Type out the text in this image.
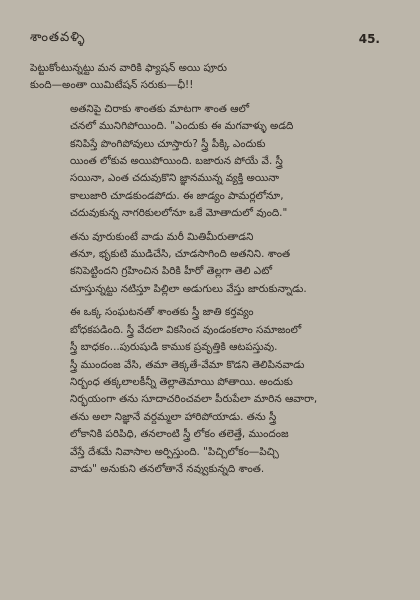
శాంతవళ్ళి	45.

పెట్టుకోంటున్నట్టు మన వారికి ఫ్యాషన్ అయి పూరు
కుంది—అంతా యిమిటేషన్ సరుకు—ఛీ!!

అతనిపై చిరాకు శాంతకు మాటగా శాంత ఆలో
చనలో మునిగిపోయింది. "ఎందుకు ఈ మగవాళ్ళు అడది
కనిపిస్తే పొంగిపోవులు చూస్తారు? స్త్రీ పీక్కి ఎందుకు
యింత లోకువ అయిపోయింది. బజారున పోయే వే. స్త్రీ
సయినా, ఎంత చదువుకొని జ్ఞానమున్న వ్యక్తి అయినా
కాలుజారి చూడకుండపోదు. ఈ జాడ్యం పామర్లలోనూ,
చదువుకున్న నాగరికులలోనూ ఒకే మోతాదులో వుంది."

తను వూరుకుంటే వాడు మరీ మితిమీరుతాడని
తనూ, భృకుటి ముడిచేసి, చూడసాగింది అతనిని. శాంత
కనిపెట్టిందని గ్రహించిన పిరికి హీరో తెల్లగా తెలి ఎటో
చూస్తున్నట్టు నటిస్తూ పిల్లిలా అడుగులు వేస్తు జారుకున్నాడు.

ఈ ఒక్క సంఘటనతో శాంతకు స్త్రీ జాతి కర్తవ్యం
బోధకపడింది. స్త్రీ వేదలా వికసించ వుండంకలాం సమాజంలో
స్త్రీ బాధకం...పురుషుడి కాముక ప్రవృత్తికి ఆటపస్తువు.
స్త్రీ ముందంజ వేసి, తమా తెక్కతే-వేమా కొడని తెలిపినవాడు
నిర్బంధ తక్కలాలకీన్నీ తెల్లాతెమాయి పోతాయి. అందుకు
నిర్భయంగా తను సూదాచరించవలా పీరుపేలా మారిన ఆవారా,
తను అలా నిజ్ఞానే వర్దమ్మలా హారిపోయాడు. తను స్త్రీ
లోకానికి పరిపిధి, తనలాంటి స్త్రీ లోకం తలెత్తే, ముందంజ
వేస్తే దేశమే నివాసాల అర్పిస్తుంది. "పిచ్చిలోకం—పిచ్చి
వాడు" అనుకుని తనలోతానే నవ్వుకున్నది శాంత.
